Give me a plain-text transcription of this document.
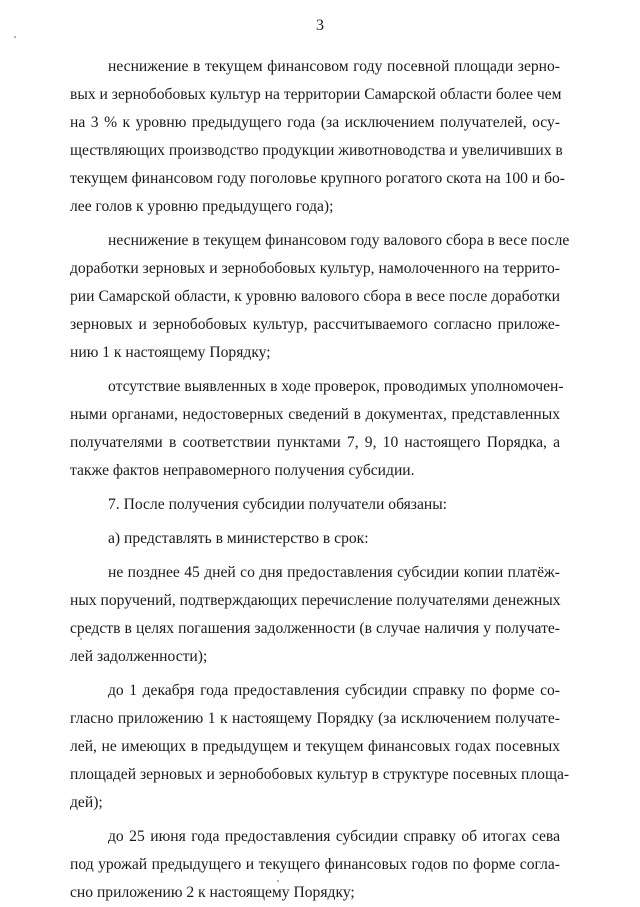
3
неснижение в текущем финансовом году посевной площади зерно-
вых и зернобобовых культур на территории Самарской области более чем
на 3 % к уровню предыдущего года (за исключением получателей, осу-
ществляющих производство продукции животноводства и увеличивших в
текущем финансовом году поголовье крупного рогатого скота на 100 и бо-
лее голов к уровню предыдущего года);
неснижение в текущем финансовом году валового сбора в весе после
доработки зерновых и зернобобовых культур, намолоченного на террито-
рии Самарской области, к уровню валового сбора в весе после доработки
зерновых и зернобобовых культур, рассчитываемого согласно приложе-
нию 1 к настоящему Порядку;
отсутствие выявленных в ходе проверок, проводимых уполномочен-
ными органами, недостоверных сведений в документах, представленных
получателями в соответствии пунктами 7, 9, 10 настоящего Порядка, а
также фактов неправомерного получения субсидии.
7. После получения субсидии получатели обязаны:
а) представлять в министерство в срок:
не позднее 45 дней со дня предоставления субсидии копии платёж-
ных поручений, подтверждающих перечисление получателями денежных
средств в целях погашения задолженности (в случае наличия у получате-
лей задолженности);
до 1 декабря года предоставления субсидии справку по форме со-
гласно приложению 1 к настоящему Порядку (за исключением получате-
лей, не имеющих в предыдущем и текущем финансовых годах посевных
площадей зерновых и зернобобовых культур в структуре посевных площа-
дей);
до 25 июня года предоставления субсидии справку об итогах сева
под урожай предыдущего и текущего финансовых годов по форме согла-
сно приложению 2 к настоящему Порядку;
